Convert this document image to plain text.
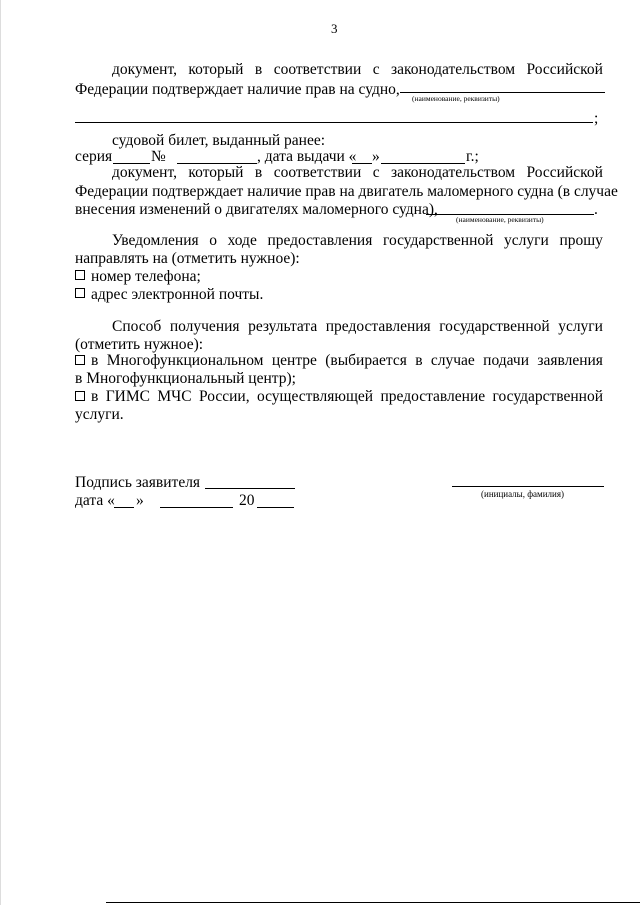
3
документ, который в соответствии с законодательством Российской
Федерации подтверждает наличие прав на судно,
(наименование, реквизиты)
;
судовой билет, выданный ранее:
серия	№	, дата выдачи « »	г.;
документ, который в соответствии с законодательством Российской
Федерации подтверждает наличие прав на двигатель маломерного судна (в случае
внесения изменений о двигателях маломерного судна),	.
(наименование, реквизиты)
Уведомления о ходе предоставления государственной услуги прошу
направлять на (отметить нужное):
номер телефона;
адрес электронной почты.
Способ получения результата предоставления государственной услуги
(отметить нужное):
в Многофункциональном центре (выбирается в случае подачи заявления
в Многофункциональный центр);
в ГИМС МЧС России, осуществляющей предоставление государственной
услуги.
Подпись заявителя
(инициалы, фамилия)
дата « »	20
